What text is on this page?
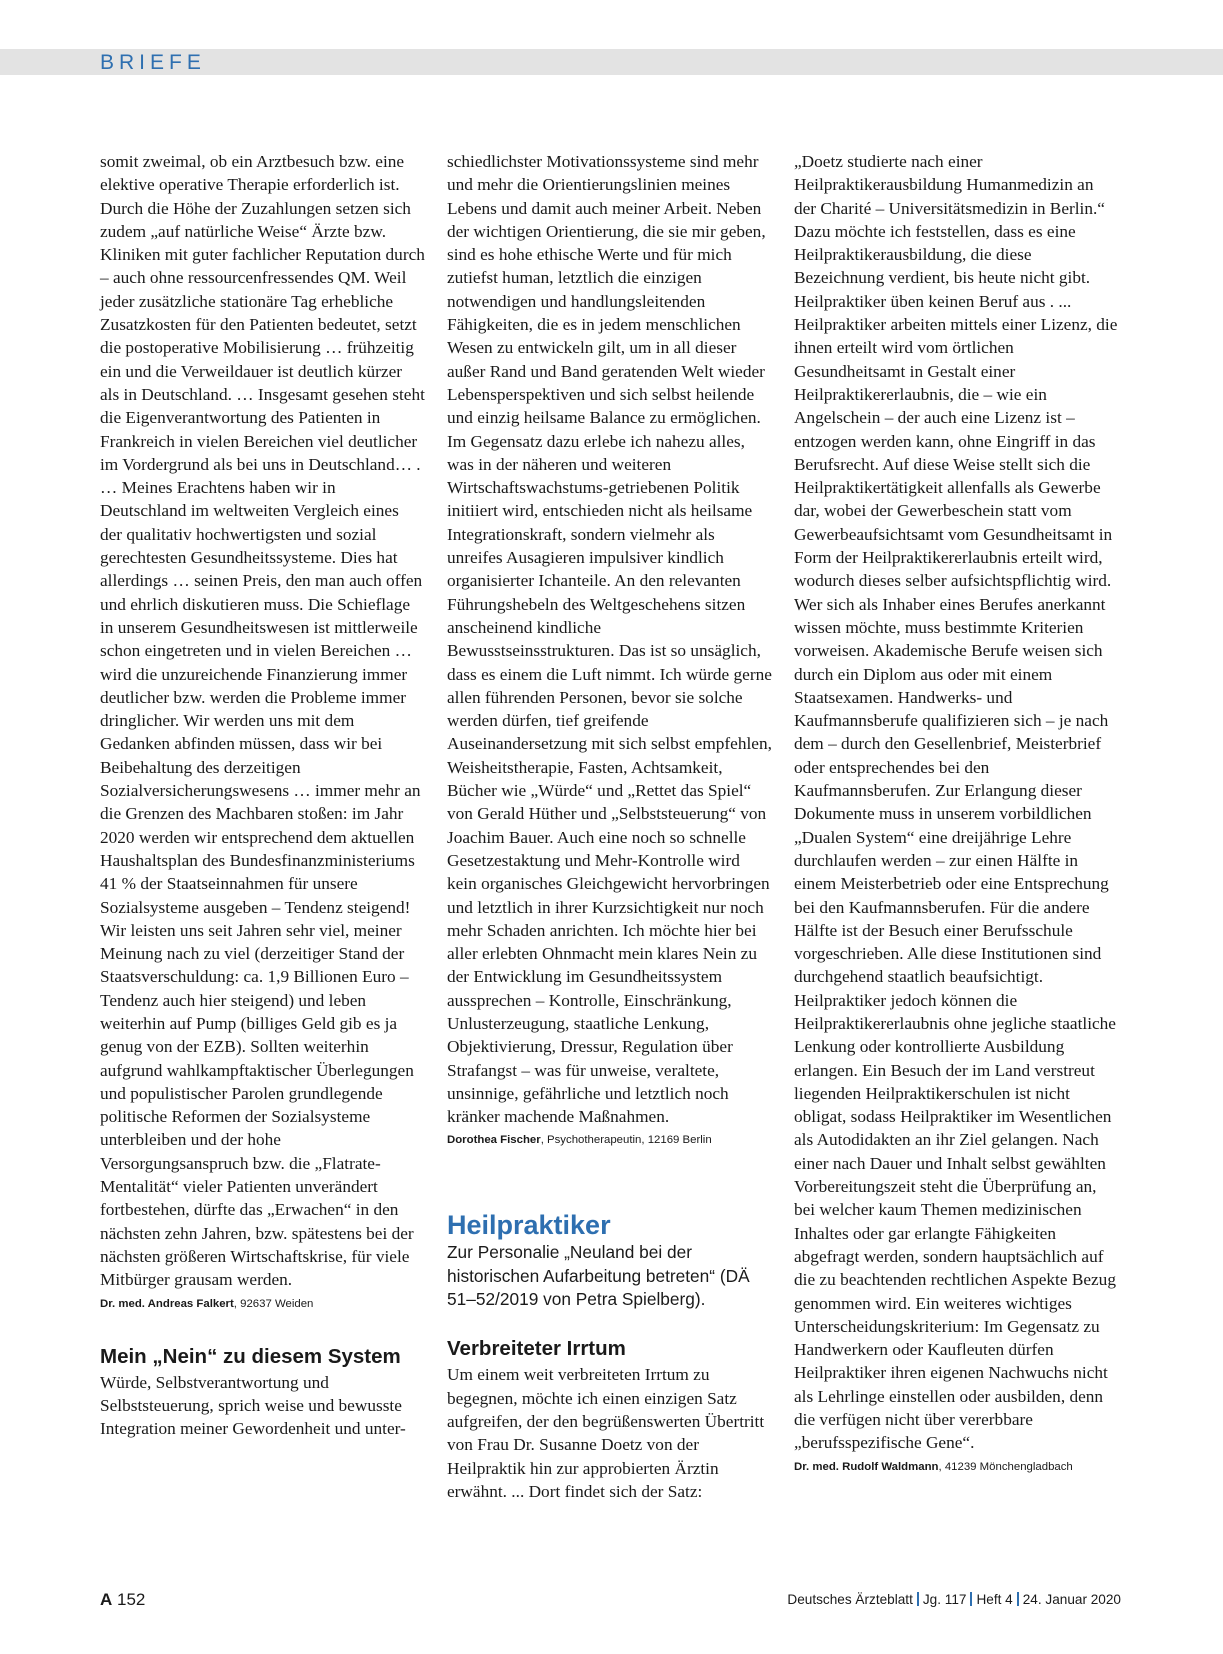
BRIEFE

somit zweimal, ob ein Arztbesuch bzw. eine elektive operative Therapie erforderlich ist. Durch die Höhe der Zuzahlungen setzen sich zudem „auf natürliche Weise“ Ärzte bzw. Kliniken mit guter fachlicher Reputation durch – auch ohne ressourcenfressendes QM. Weil jeder zusätzliche stationäre Tag erhebliche Zusatzkosten für den Patienten bedeutet, setzt die postoperative Mobilisierung … frühzeitig ein und die Verweildauer ist deutlich kürzer als in Deutschland. … Insgesamt gesehen steht die Eigenverantwortung des Patienten in Frankreich in vielen Bereichen viel deutlicher im Vordergrund als bei uns in Deutschland… .

… Meines Erachtens haben wir in Deutschland im weltweiten Vergleich eines der qualitativ hochwertigsten und sozial gerechtesten Gesundheitssysteme. Dies hat allerdings … seinen Preis, den man auch offen und ehrlich diskutieren muss. Die Schieflage in unserem Gesundheitswesen ist mittlerweile schon eingetreten und in vielen Bereichen … wird die unzureichende Finanzierung immer deutlicher bzw. werden die Probleme immer dringlicher. Wir werden uns mit dem Gedanken abfinden müssen, dass wir bei Beibehaltung des derzeitigen Sozialversicherungswesens … immer mehr an die Grenzen des Machbaren stoßen: im Jahr 2020 werden wir entsprechend dem aktuellen Haushaltsplan des Bundesfinanzministeriums 41 % der Staatseinnahmen für unsere Sozialsysteme ausgeben – Tendenz steigend! Wir leisten uns seit Jahren sehr viel, meiner Meinung nach zu viel (derzeitiger Stand der Staatsverschuldung: ca. 1,9 Billionen Euro – Tendenz auch hier steigend) und leben weiterhin auf Pump (billiges Geld gib es ja genug von der EZB). Sollten weiterhin aufgrund wahlkampftaktischer Überlegungen und populistischer Parolen grundlegende politische Reformen der Sozialsysteme unterbleiben und der hohe Versorgungsanspruch bzw. die „Flatrate-Mentalität“ vieler Patienten unverändert fortbestehen, dürfte das „Erwachen“ in den nächsten zehn Jahren, bzw. spätestens bei der nächsten größeren Wirtschaftskrise, für viele Mitbürger grausam werden.

Dr. med. Andreas Falkert, 92637 Weiden
Mein „Nein“ zu diesem System

Würde, Selbstverantwortung und Selbststeuerung, sprich weise und bewusste Integration meiner Gewordenheit und unter-

schiedlichster Motivationssysteme sind mehr und mehr die Orientierungslinien meines Lebens und damit auch meiner Arbeit. Neben der wichtigen Orientierung, die sie mir geben, sind es hohe ethische Werte und für mich zutiefst human, letztlich die einzigen notwendigen und handlungsleitenden Fähigkeiten, die es in jedem menschlichen Wesen zu entwickeln gilt, um in all dieser außer Rand und Band geratenden Welt wieder Lebensperspektiven und sich selbst heilende und einzig heilsame Balance zu ermöglichen. Im Gegensatz dazu erlebe ich nahezu alles, was in der näheren und weiteren Wirtschaftswachstums-getriebenen Politik initiiert wird, entschieden nicht als heilsame Integrationskraft, sondern vielmehr als unreifes Ausagieren impulsiver kindlich organisierter Ichanteile. An den relevanten Führungshebeln des Weltgeschehens sitzen anscheinend kindliche Bewusstseinsstrukturen. Das ist so unsäglich, dass es einem die Luft nimmt. Ich würde gerne allen führenden Personen, bevor sie solche werden dürfen, tief greifende Auseinandersetzung mit sich selbst empfehlen, Weisheitstherapie, Fasten, Achtsamkeit, Bücher wie „Würde“ und „Rettet das Spiel“ von Gerald Hüther und „Selbststeuerung“ von Joachim Bauer. Auch eine noch so schnelle Gesetzestaktung und Mehr-Kontrolle wird kein organisches Gleichgewicht hervorbringen und letztlich in ihrer Kurzsichtigkeit nur noch mehr Schaden anrichten. Ich möchte hier bei aller erlebten Ohnmacht mein klares Nein zu der Entwicklung im Gesundheitssystem aussprechen – Kontrolle, Einschränkung, Unlusterzeugung, staatliche Lenkung, Objektivierung, Dressur, Regulation über Strafangst – was für unweise, veraltete, unsinnige, gefährliche und letztlich noch kränker machende Maßnahmen.

Dorothea Fischer, Psychotherapeutin, 12169 Berlin
Heilpraktiker

Zur Personalie „Neuland bei der historischen Aufarbeitung betreten“ (DÄ 51–52/2019 von Petra Spielberg).

Verbreiteter Irrtum

Um einem weit verbreiteten Irrtum zu begegnen, möchte ich einen einzigen Satz aufgreifen, der den begrüßenswerten Übertritt von Frau Dr. Susanne Doetz von der Heilpraktik hin zur approbierten Ärztin erwähnt. ... Dort findet sich der Satz:

„Doetz studierte nach einer Heilpraktikerausbildung Humanmedizin an der Charité – Universitätsmedizin in Berlin.“ Dazu möchte ich feststellen, dass es eine Heilpraktikerausbildung, die diese Bezeichnung verdient, bis heute nicht gibt. Heilpraktiker üben keinen Beruf aus . ... Heilpraktiker arbeiten mittels einer Lizenz, die ihnen erteilt wird vom örtlichen Gesundheitsamt in Gestalt einer Heilpraktikererlaubnis, die – wie ein Angelschein – der auch eine Lizenz ist – entzogen werden kann, ohne Eingriff in das Berufsrecht. Auf diese Weise stellt sich die Heilpraktikertätigkeit allenfalls als Gewerbe dar, wobei der Gewerbeschein statt vom Gewerbeaufsichtsamt vom Gesundheitsamt in Form der Heilpraktikererlaubnis erteilt wird, wodurch dieses selber aufsichtspflichtig wird.

Wer sich als Inhaber eines Berufes anerkannt wissen möchte, muss bestimmte Kriterien vorweisen. Akademische Berufe weisen sich durch ein Diplom aus oder mit einem Staatsexamen. Handwerks- und Kaufmannsberufe qualifizieren sich – je nach dem – durch den Gesellenbrief, Meisterbrief oder entsprechendes bei den Kaufmannsberufen. Zur Erlangung dieser Dokumente muss in unserem vorbildlichen „Dualen System“ eine dreijährige Lehre durchlaufen werden – zur einen Hälfte in einem Meisterbetrieb oder eine Entsprechung bei den Kaufmannsberufen. Für die andere Hälfte ist der Besuch einer Berufsschule vorgeschrieben. Alle diese Institutionen sind durchgehend staatlich beaufsichtigt. Heilpraktiker jedoch können die Heilpraktikererlaubnis ohne jegliche staatliche Lenkung oder kontrollierte Ausbildung erlangen. Ein Besuch der im Land verstreut liegenden Heilpraktikerschulen ist nicht obligat, sodass Heilpraktiker im Wesentlichen als Autodidakten an ihr Ziel gelangen. Nach einer nach Dauer und Inhalt selbst gewählten Vorbereitungszeit steht die Überprüfung an, bei welcher kaum Themen medizinischen Inhaltes oder gar erlangte Fähigkeiten abgefragt werden, sondern hauptsächlich auf die zu beachtenden rechtlichen Aspekte Bezug genommen wird. Ein weiteres wichtiges Unterscheidungskriterium: Im Gegensatz zu Handwerkern oder Kaufleuten dürfen Heilpraktiker ihren eigenen Nachwuchs nicht als Lehrlinge einstellen oder ausbilden, denn die verfügen nicht über vererbbare „berufsspezifische Gene“.

Dr. med. Rudolf Waldmann, 41239 Mönchengladbach
A 152	Deutsches Ärzteblatt Jg. 117 Heft 4 24. Januar 2020
